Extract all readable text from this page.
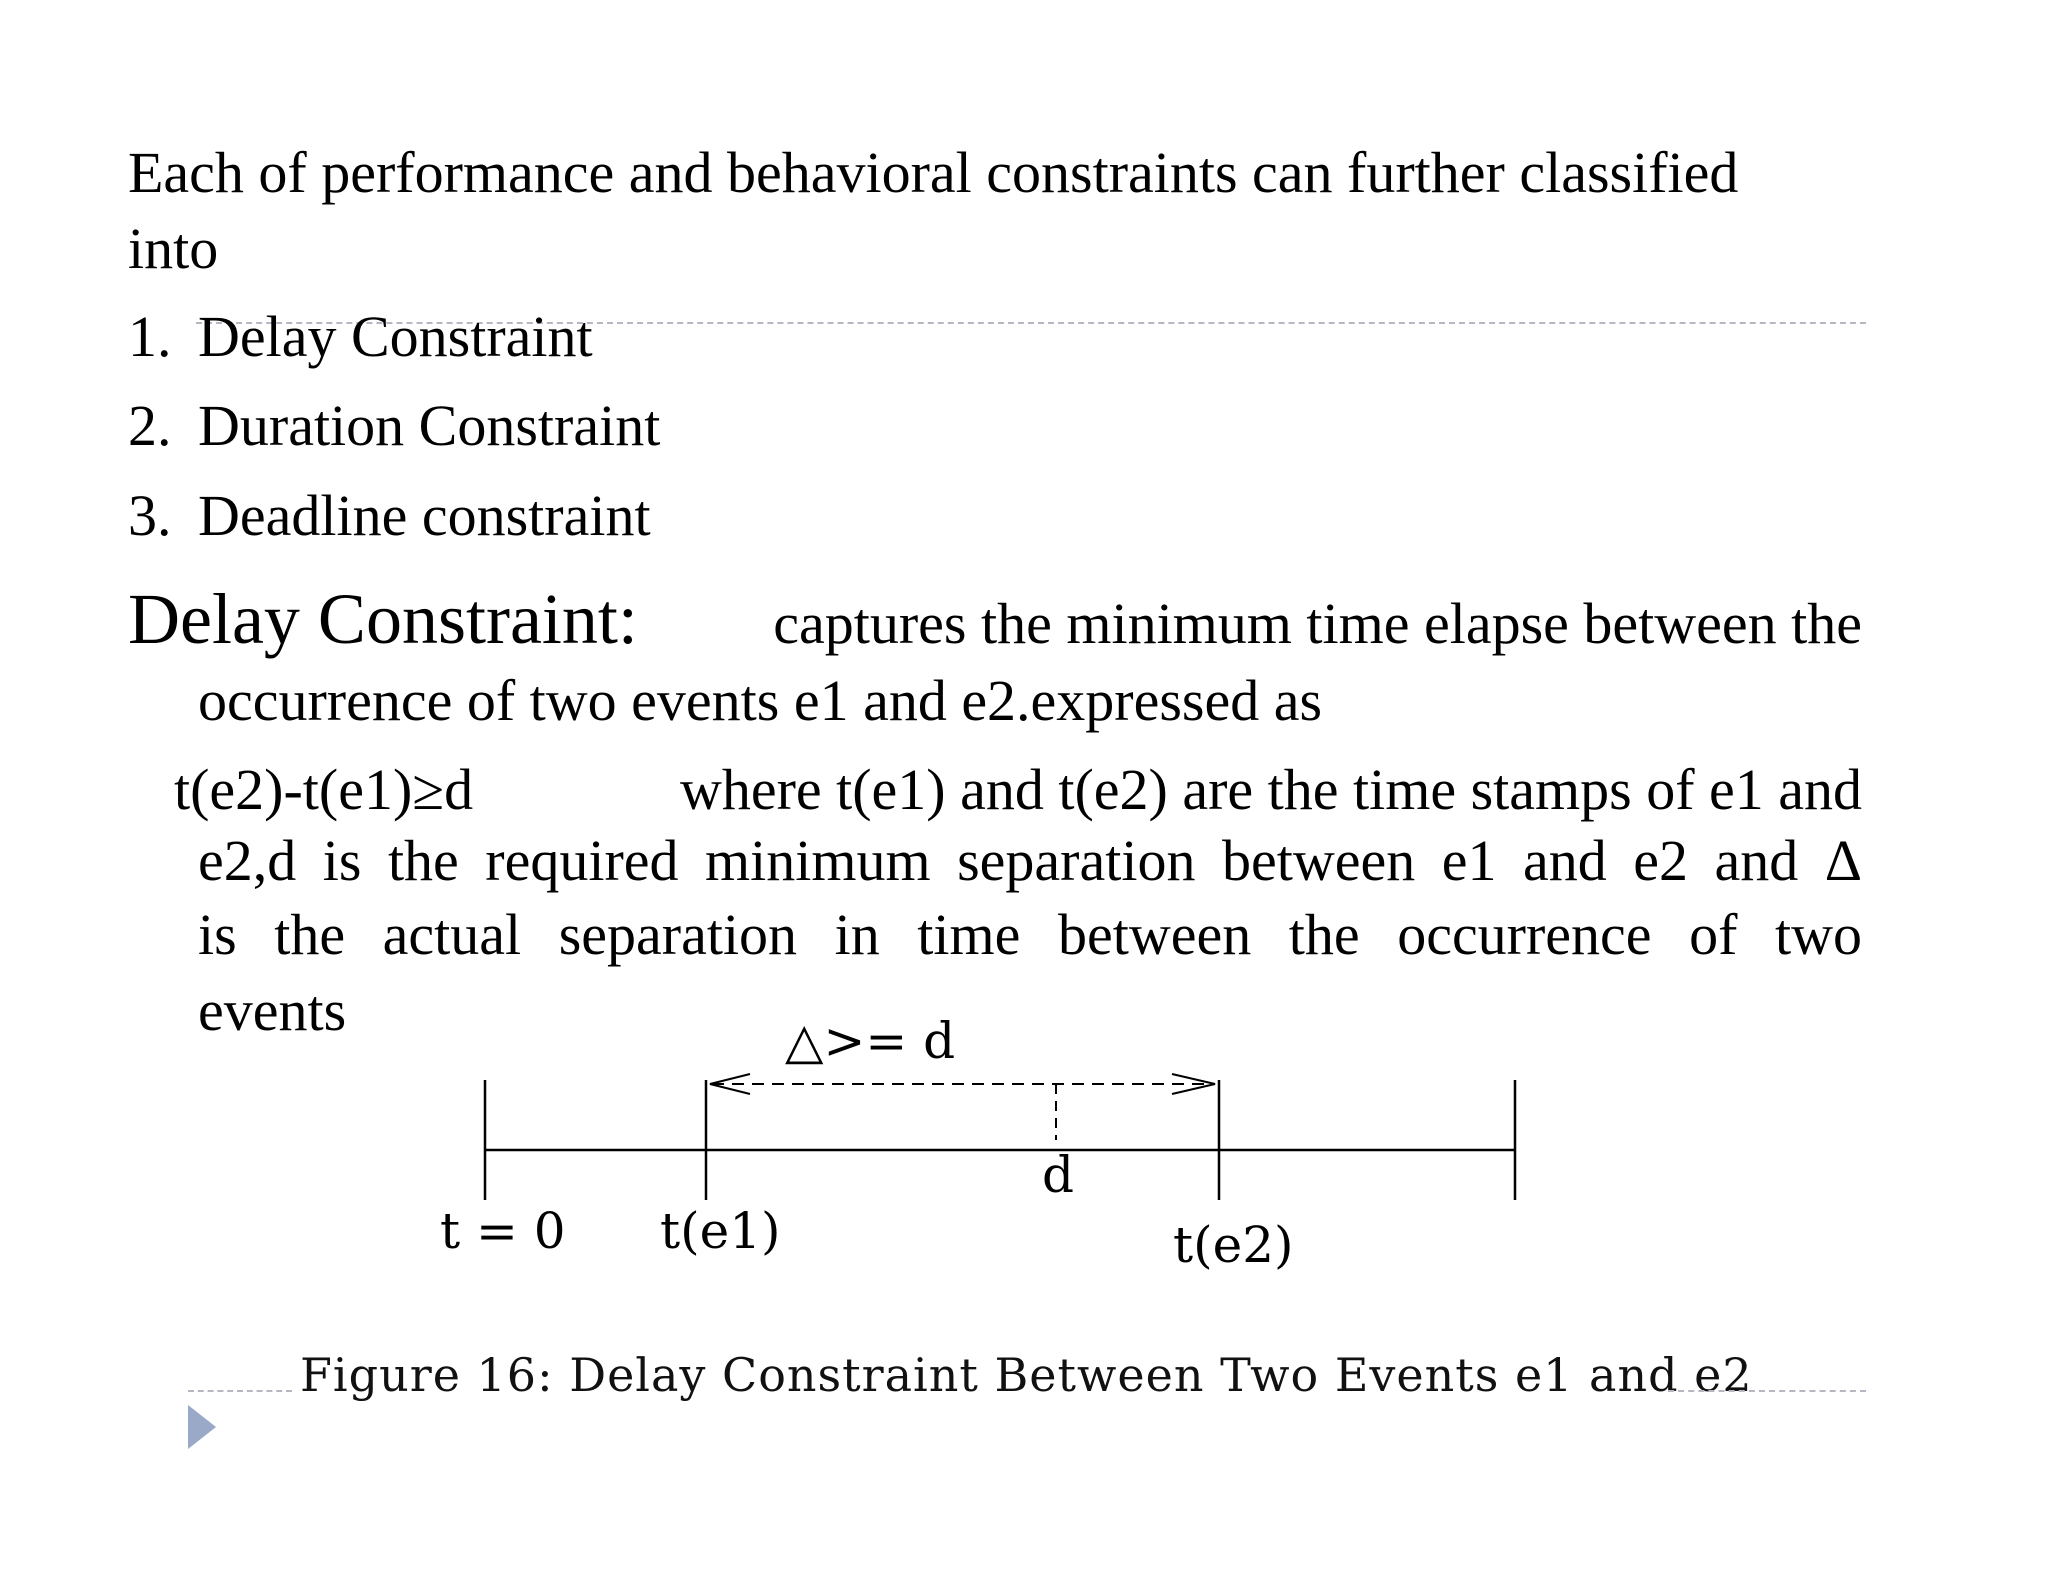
Each of performance and behavioral constraints can further classified
into
1. Delay Constraint
2. Duration Constraint
3. Deadline constraint
Delay Constraint: captures the minimum time elapse between the
occurrence of two events e1 and e2.expressed as
t(e2)-t(e1)≥d	where t(e1) and t(e2) are the time stamps of e1 and
e2,d is the required minimum separation between e1 and e2 and Δ
is the actual separation in time between the occurrence of two
events	△>= d
d
t = 0 t(e1)	t(e2)
Figure 16: Delay Constraint Between Two Events e1 and e2
